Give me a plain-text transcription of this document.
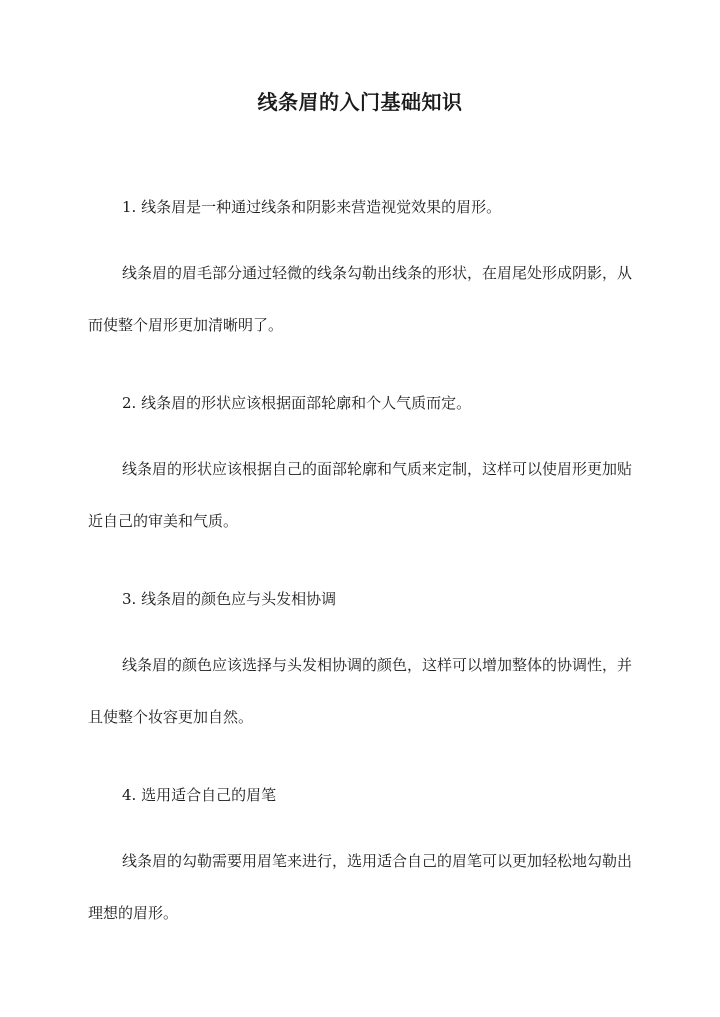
线条眉的入门基础知识

1. 线条眉是一种通过线条和阴影来营造视觉效果的眉形。

线条眉的眉毛部分通过轻微的线条勾勒出线条的形状，在眉尾处形成阴影，从而使整个眉形更加清晰明了。

2. 线条眉的形状应该根据面部轮廓和个人气质而定。

线条眉的形状应该根据自己的面部轮廓和气质来定制，这样可以使眉形更加贴近自己的审美和气质。

3. 线条眉的颜色应与头发相协调

线条眉的颜色应该选择与头发相协调的颜色，这样可以增加整体的协调性，并且使整个妆容更加自然。

4. 选用适合自己的眉笔

线条眉的勾勒需要用眉笔来进行，选用适合自己的眉笔可以更加轻松地勾勒出理想的眉形。
